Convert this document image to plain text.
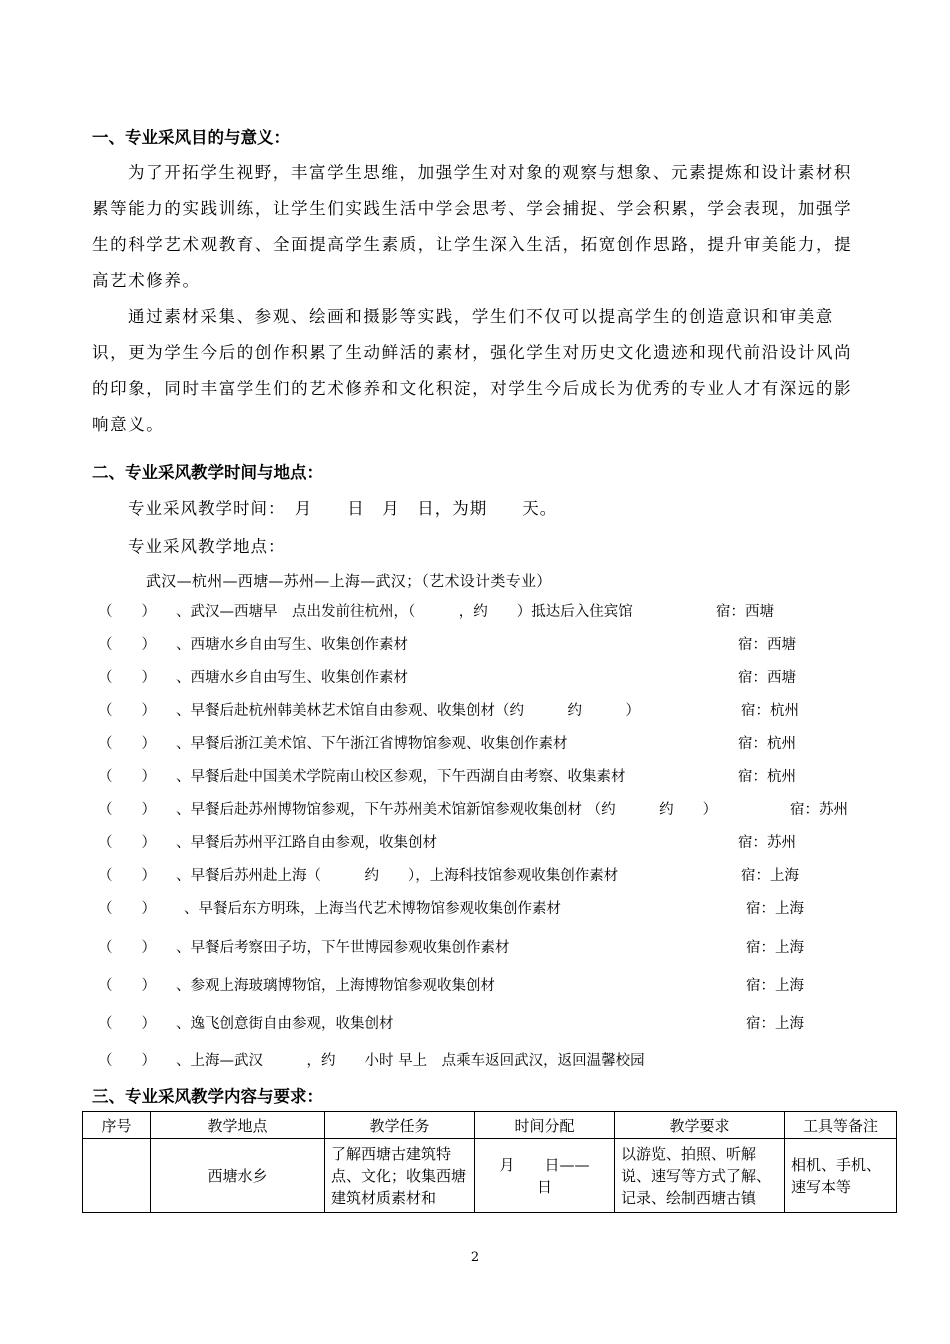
一、专业采风目的与意义：
为了开拓学生视野，丰富学生思维，加强学生对对象的观察与想象、元素提炼和设计素材积累等能力的实践训练，让学生们实践生活中学会思考、学会捕捉、学会积累，学会表现，加强学生的科学艺术观教育、全面提高学生素质，让学生深入生活，拓宽创作思路，提升审美能力，提高艺术修养。
通过素材采集、参观、绘画和摄影等实践，学生们不仅可以提高学生的创造意识和审美意识，更为学生今后的创作积累了生动鲜活的素材，强化学生对历史文化遗迹和现代前沿设计风尚的印象，同时丰富学生们的艺术修养和文化积淀，对学生今后成长为优秀的专业人才有深远的影响意义。
二、专业采风教学时间与地点：
专业采风教学时间：　月　　日　月　日，为期　　天。
专业采风教学地点：
武汉—杭州—西塘—苏州—上海—武汉；（艺术设计类专业）
（　　） 、武汉—西塘早　点出发前往杭州，（　　　，约　　）抵达后入住宾馆	宿：西塘
（　　） 、西塘水乡自由写生、收集创作素材	宿：西塘
（　　） 、西塘水乡自由写生、收集创作素材	宿：西塘
（　　） 、早餐后赴杭州韩美林艺术馆自由参观、收集创材（约　　　约　　　）	宿：杭州
（　　） 、早餐后浙江美术馆、下午浙江省博物馆参观、收集创作素材	宿：杭州
（　　） 、早餐后赴中国美术学院南山校区参观，下午西湖自由考察、收集素材	宿：杭州
（　　） 、早餐后赴苏州博物馆参观，下午苏州美术馆新馆参观收集创材 （约　　　约　　）	宿：苏州
（　　） 、早餐后苏州平江路自由参观，收集创材	宿：苏州
（　　） 、早餐后苏州赴上海（　　　约　　），上海科技馆参观收集创作素材	宿：上海
（　　） 、早餐后东方明珠，上海当代艺术博物馆参观收集创作素材	宿：上海
（　　） 、早餐后考察田子坊，下午世博园参观收集创作素材	宿：上海
（　　） 、参观上海玻璃博物馆，上海博物馆参观收集创材	宿：上海
（　　） 、逸飞创意街自由参观，收集创材	宿：上海
（　　） 、上海—武汉　　　，约　　小时 早上　点乘车返回武汉，返回温馨校园
三、专业采风教学内容与要求：
序号	教学地点	教学任务	时间分配	教学要求	工具等备注
	西塘水乡	了解西塘古建筑特点、文化；收集西塘建筑材质素材和	月　　日——日	以游览、拍照、听解说、速写等方式了解、记录、绘制西塘古镇	相机、手机、速写本等
2
